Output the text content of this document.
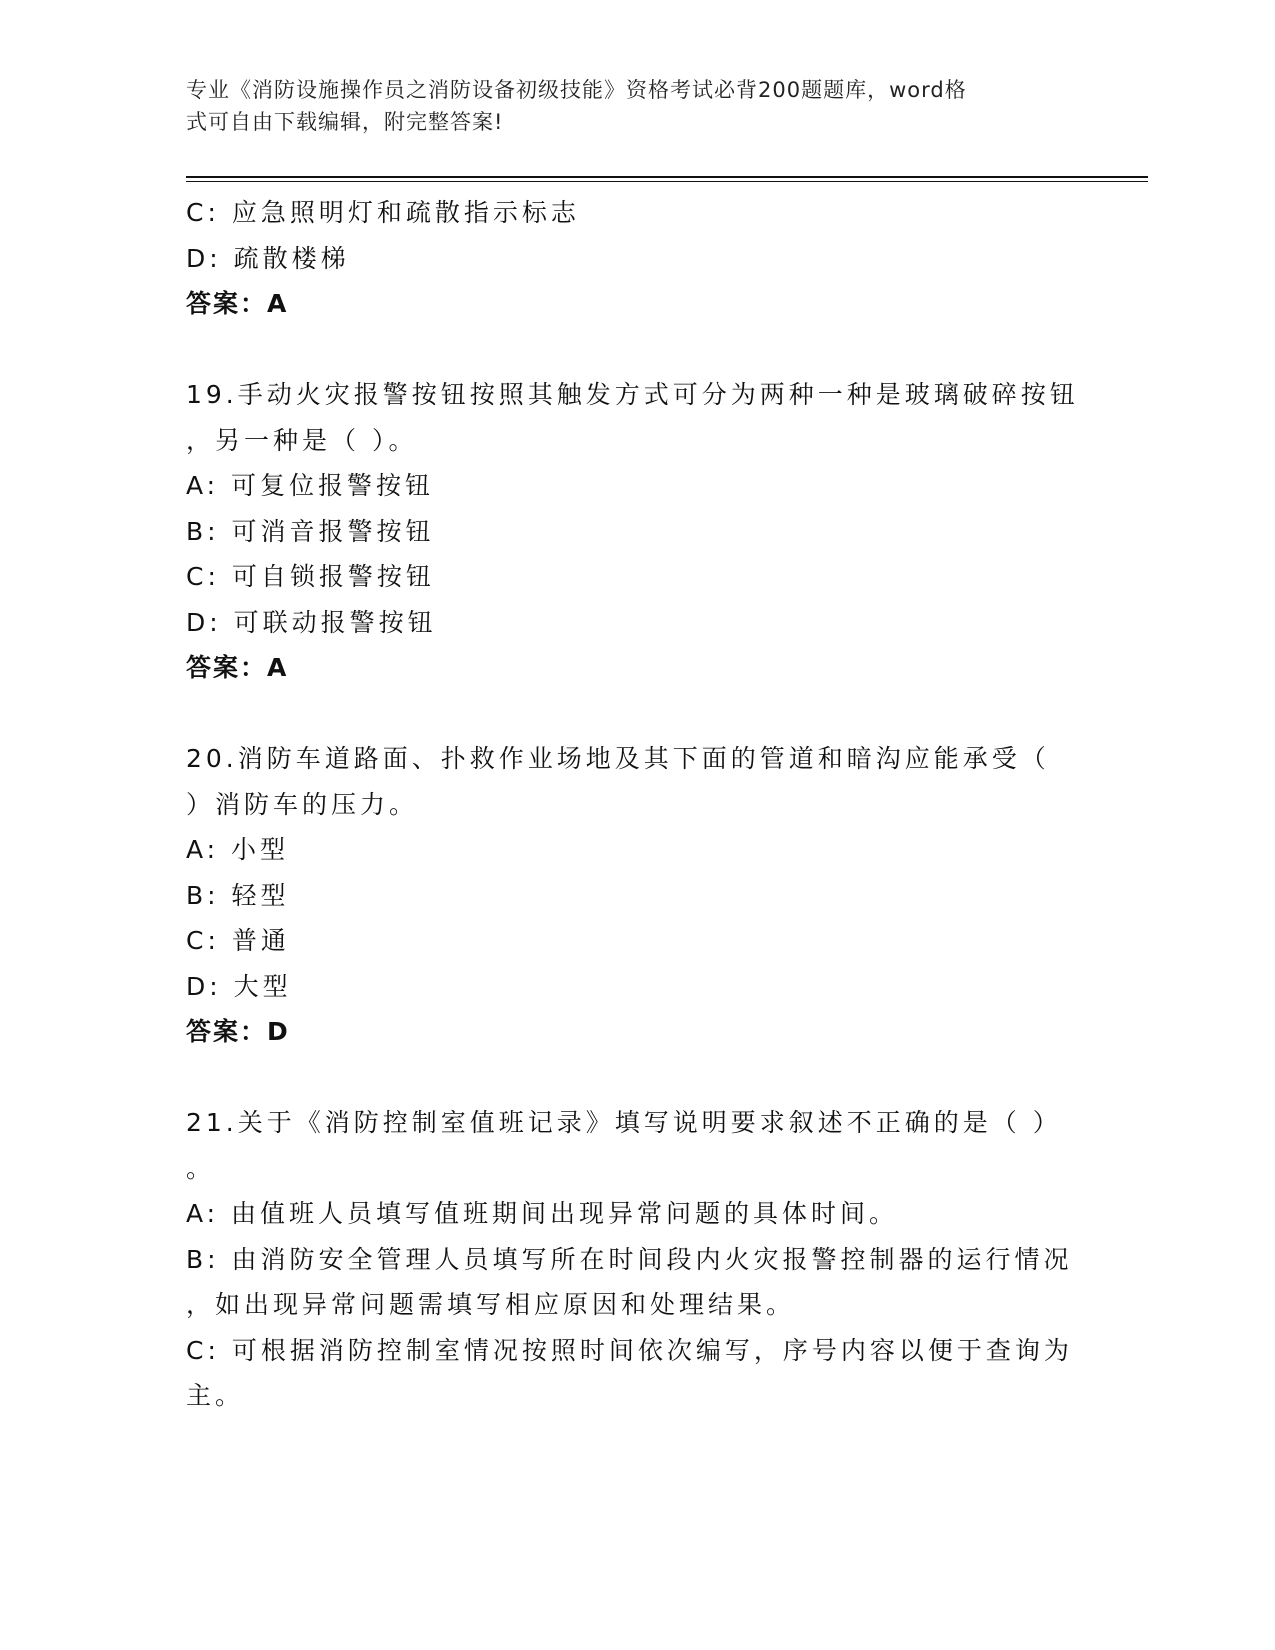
专业《消防设施操作员之消防设备初级技能》资格考试必背200题题库，word格
式可自由下载编辑，附完整答案!
C: 应急照明灯和疏散指示标志
D: 疏散楼梯
答案：A
19.手动火灾报警按钮按照其触发方式可分为两种一种是玻璃破碎按钮
，另一种是（ ）。
A: 可复位报警按钮
B: 可消音报警按钮
C: 可自锁报警按钮
D: 可联动报警按钮
答案：A
20.消防车道路面、扑救作业场地及其下面的管道和暗沟应能承受（
）消防车的压力。
A: 小型
B: 轻型
C: 普通
D: 大型
答案：D
21.关于《消防控制室值班记录》填写说明要求叙述不正确的是（ ）
。
A: 由值班人员填写值班期间出现异常问题的具体时间。
B: 由消防安全管理人员填写所在时间段内火灾报警控制器的运行情况
，如出现异常问题需填写相应原因和处理结果。
C: 可根据消防控制室情况按照时间依次编写，序号内容以便于查询为
主。
